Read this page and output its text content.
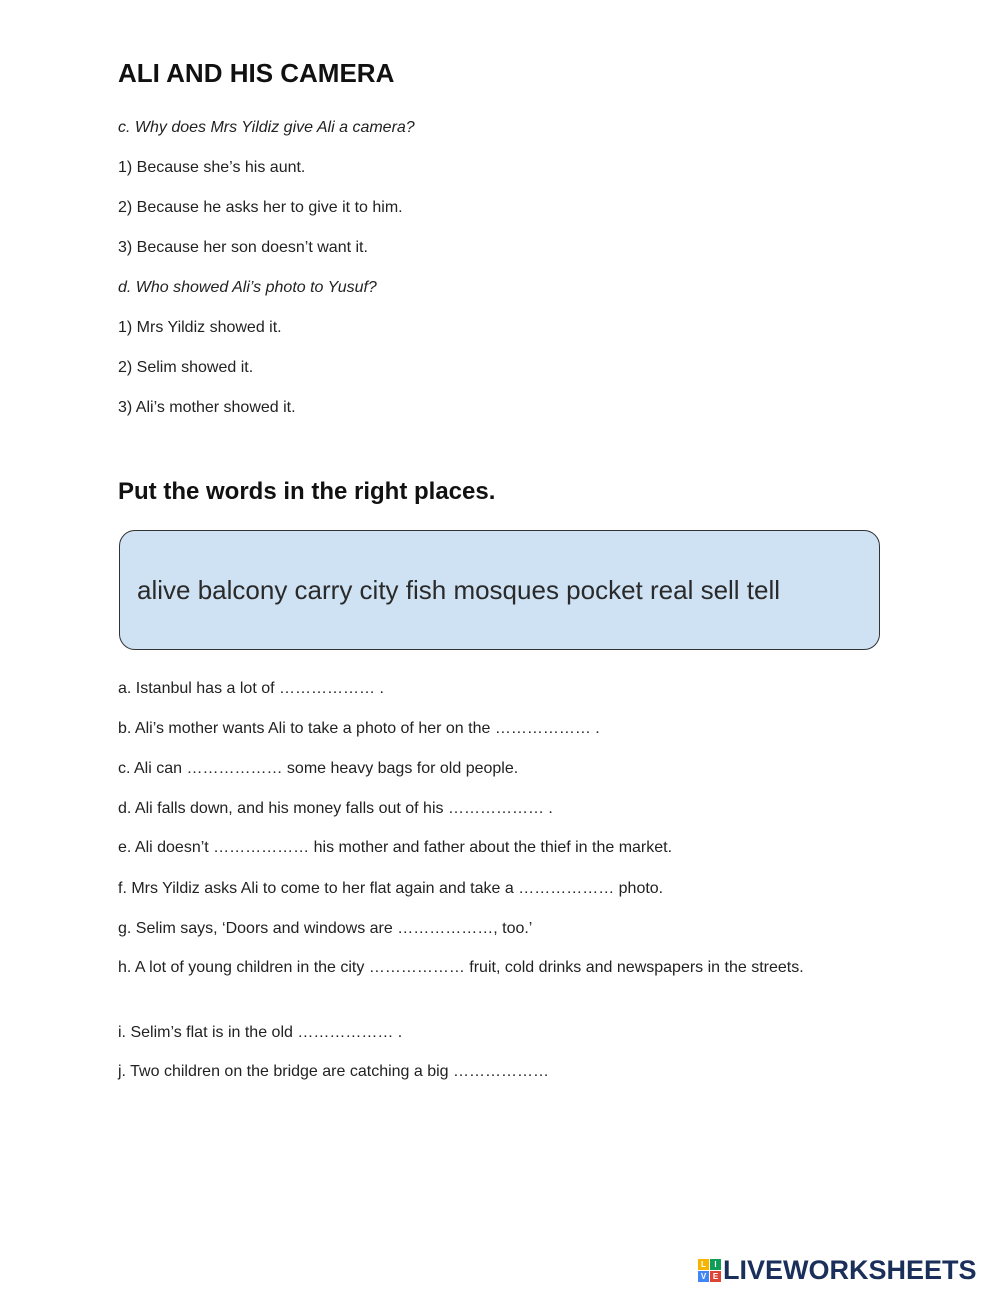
ALI AND HIS CAMERA

c. Why does Mrs Yildiz give Ali a camera?

1) Because she’s his aunt.

2) Because he asks her to give it to him.

3) Because her son doesn’t want it.

d. Who showed Ali’s photo to Yusuf?

1) Mrs Yildiz showed it.

2) Selim showed it.

3) Ali’s mother showed it.

Put the words in the right places.
alive balcony carry city fish mosques pocket real sell tell

a. Istanbul has a lot of ……………… .

b. Ali’s mother wants Ali to take a photo of her on the ……………… .

c. Ali can ……………… some heavy bags for old people.

d. Ali falls down, and his money falls out of his ……………… .

e. Ali doesn’t ……………… his mother and father about the thief in the market.

f. Mrs Yildiz asks Ali to come to her flat again and take a ……………… photo.

g. Selim says, ‘Doors and windows are ………………, too.’

h. A lot of young children in the city ……………… fruit, cold drinks and newspapers in the streets.

i. Selim’s flat is in the old ……………… .

j. Two children on the bridge are catching a big ………………

L	I
V E LIVEWORKSHEETS
